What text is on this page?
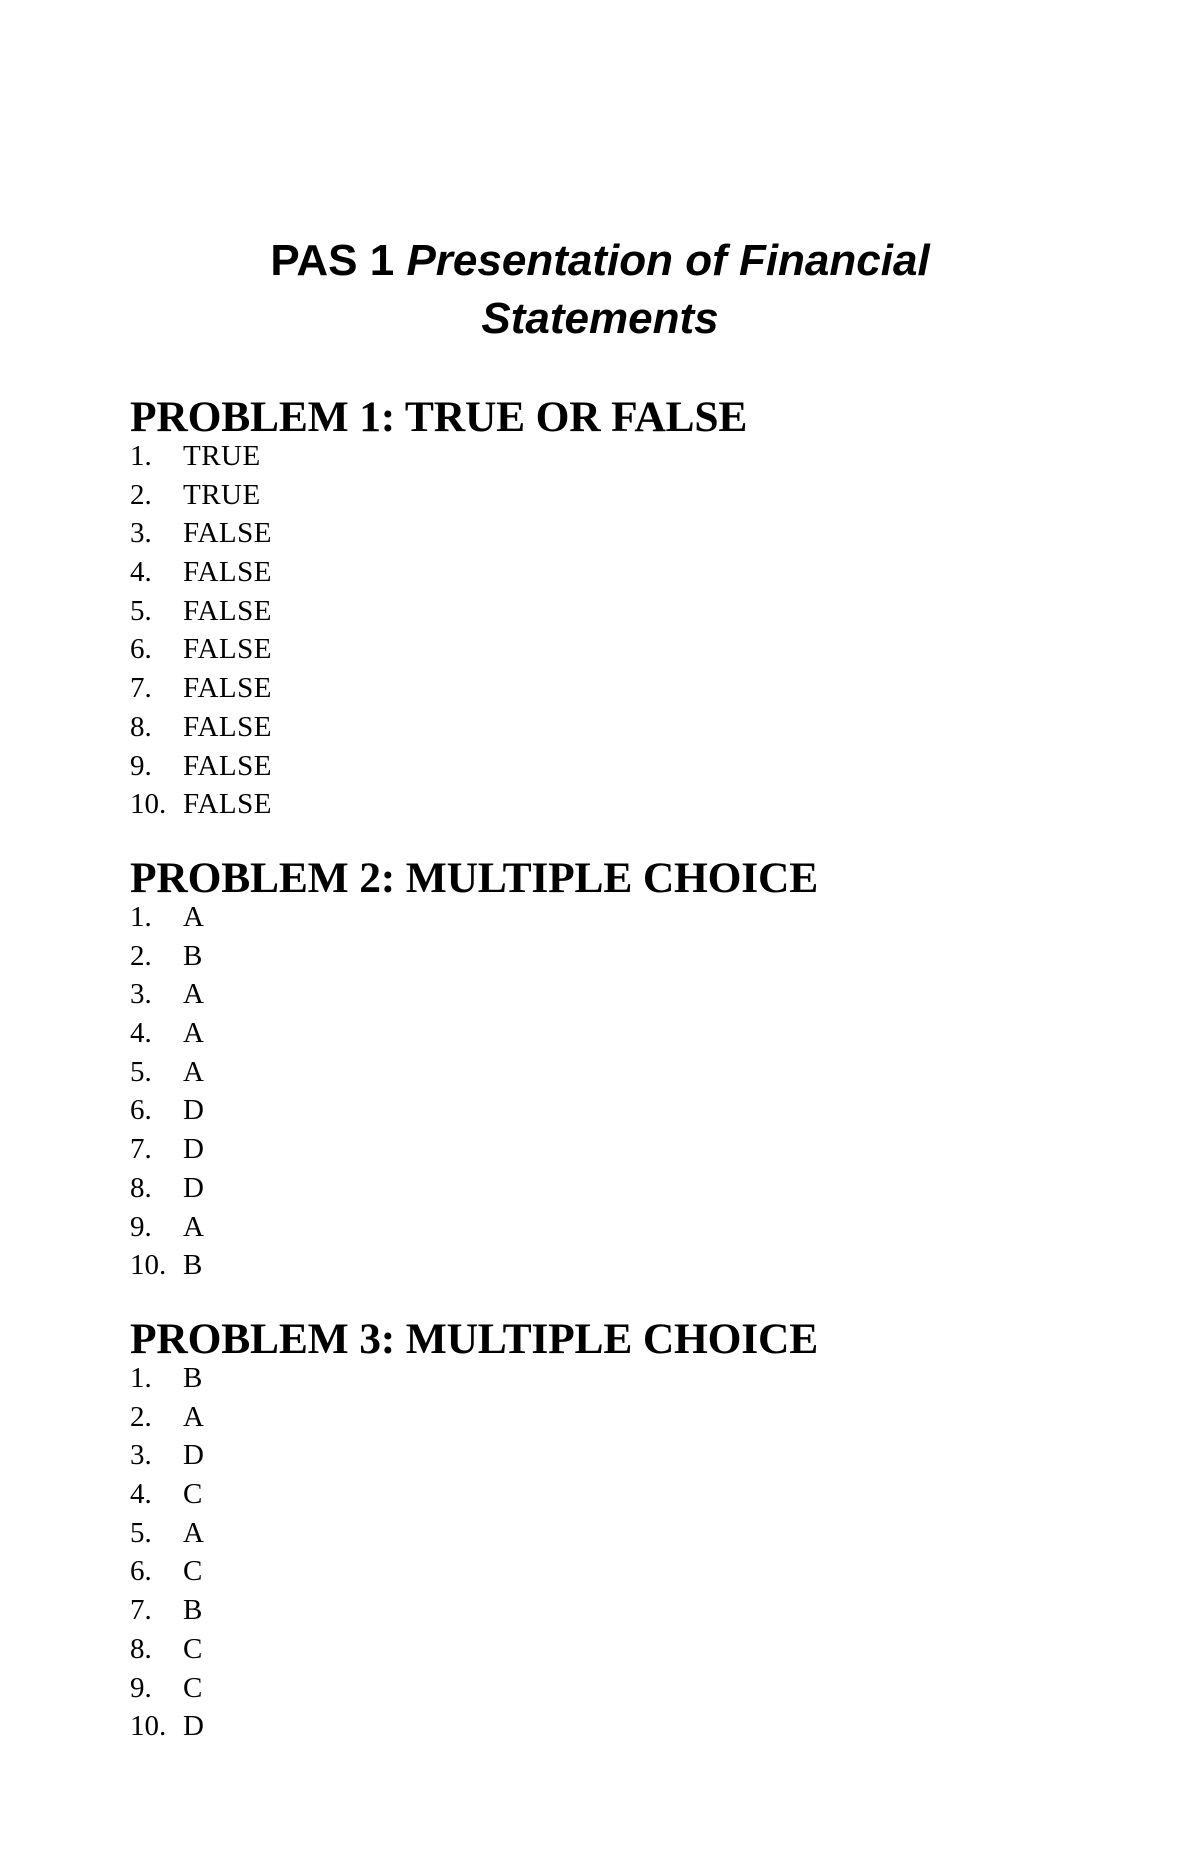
PAS 1 Presentation of Financial
Statements
PROBLEM 1: TRUE OR FALSE
1. TRUE
2. TRUE
3. FALSE
4. FALSE
5. FALSE
6. FALSE
7. FALSE
8. FALSE
9. FALSE
10. FALSE
PROBLEM 2: MULTIPLE CHOICE
1. A
2. B
3. A
4. A
5. A
6. D
7. D
8. D
9. A
10. B
PROBLEM 3: MULTIPLE CHOICE
1. B
2. A
3. D
4. C
5. A
6. C
7. B
8. C
9. C
10. D
